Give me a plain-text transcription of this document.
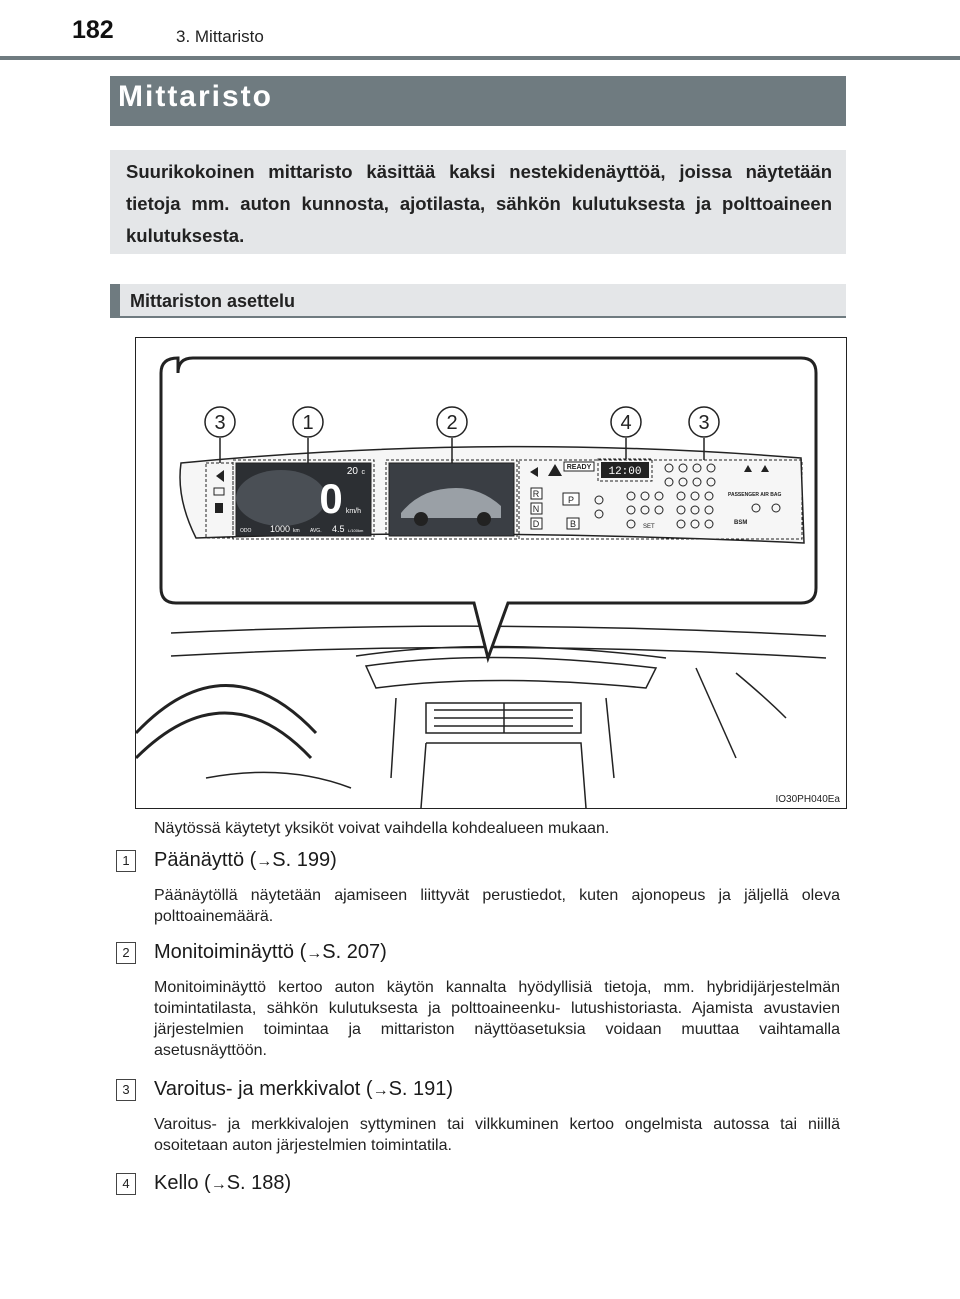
182	3. Mittaristo
Mittaristo
Suurikokoinen mittaristo käsittää kaksi nestekidenäyttöä, joissa näytetään tietoja mm. auton kunnosta, ajotilasta, sähkön kulutuksesta ja polttoaineen kulutuksesta.
Mittariston asettelu
0 km/h
20 c
ODO 1000 km AVG. 4.5 L/100km
READY 12:00
R
N
D
P
B	SET
PASSENGER AIR BAG
BSM
3	1	2	4	3
IO30PH040Ea
Näytössä käytetyt yksiköt voivat vaihdella kohdealueen mukaan.
1	Päänäyttö (→S. 199)
Päänäytöllä näytetään ajamiseen liittyvät perustiedot, kuten ajonopeus ja jäljellä oleva polttoainemäärä.
2	Monitoiminäyttö (→S. 207)
Monitoiminäyttö kertoo auton käytön kannalta hyödyllisiä tietoja, mm. hybridijärjestelmän toimintatilasta, sähkön kulutuksesta ja polttoaineenku- lutushistoriasta. Ajamista avustavien järjestelmien toimintaa ja mittariston näyttöasetuksia voidaan muuttaa vaihtamalla asetusnäyttöön.
3	Varoitus- ja merkkivalot (→S. 191)
Varoitus- ja merkkivalojen syttyminen tai vilkkuminen kertoo ongelmista autossa tai niillä osoitetaan auton järjestelmien toimintatila.
4	Kello (→S. 188)
